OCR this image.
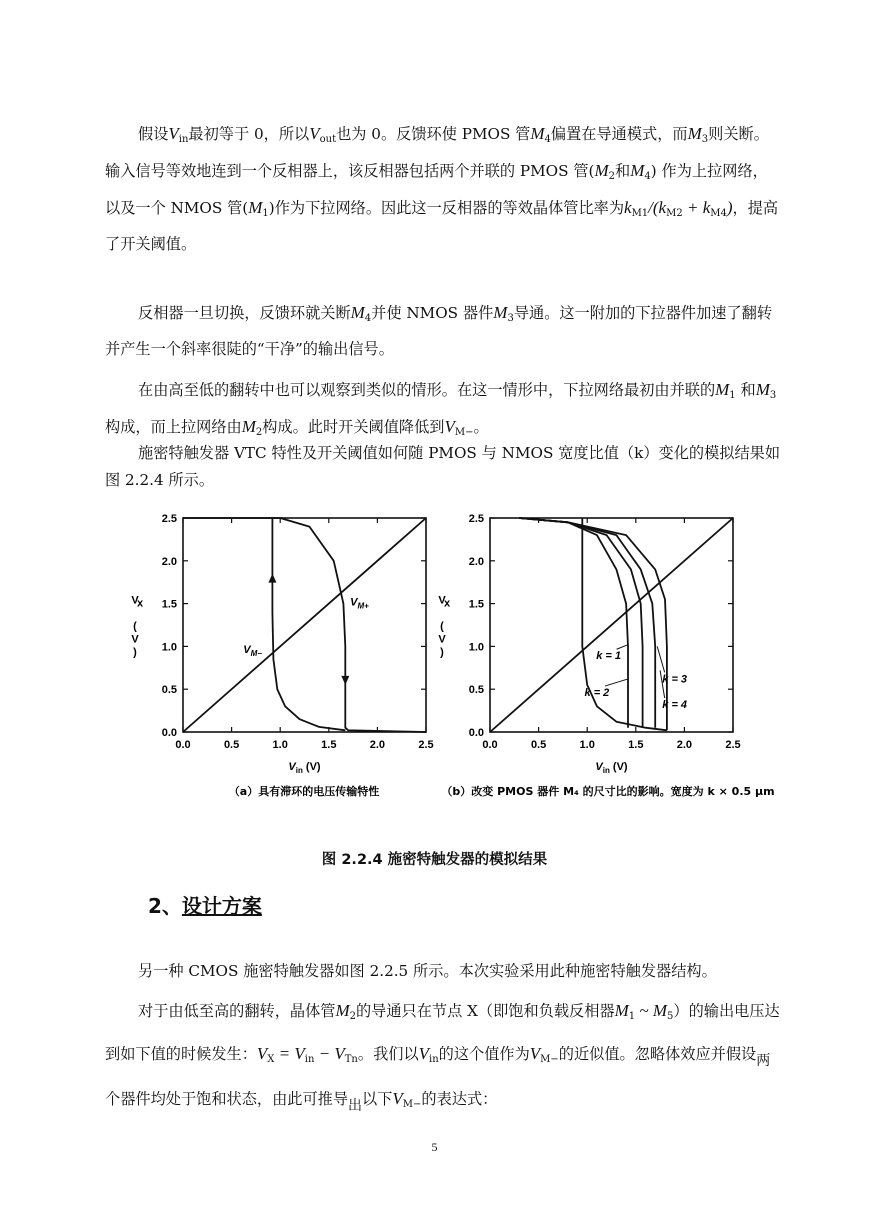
假设$V_{in}$最初等于 0，所以$V_{out}$也为 0。反馈环使 PMOS 管$M_4$偏置在导通模式，而$M_3$则关断。 输入信号等效地连到一个反相器上，该反相器包括两个并联的 PMOS 管($M_2$和$M_4$) 作为上拉网络， 以及一个 NMOS 管$(M_1)$作为下拉网络。因此这一反相器的等效晶体管比率为$k_{M1}/(k_{M2} + k_{M4})$，提高了开关阈值。
反相器一旦切换，反馈环就关断$M_4$并使 NMOS 器件$M_3$导通。这一附加的下拉器件加速了翻转并产生一个斜率很陡的“干净”的输出信号。
在由高至低的翻转中也可以观察到类似的情形。在这一情形中，下拉网络最初由并联的$M_1$ 和$M_3$构成，而上拉网络由$M_2$构成。此时开关阈值降低到$V_{M-}$。
施密特触发器 VTC 特性及开关阈值如何随 PMOS 与 NMOS 宽度比值（k）变化的模拟结果如图 2.2.4 所示。
0.0	0.5	1.0	1.5	2.0	2.5
0.0
0.5
1.0
1.5
2.0
2.5
$V_{in}$ (V)
V
x
(
V
)
$V_{M+}$
$V_{M-}$
（a）具有滞环的电压传输特性
0.0	0.5	1.0	1.5	2.0	2.5
0.0
0.5
1.0
1.5
2.0
2.5
$V_{in}$ (V)
V
x
(
V
)	k = 1
k = 2
k = 3
k = 4
（b）改变 PMOS 器件 M₄ 的尺寸比的影响。宽度为 k × 0.5 μm
图 2.2.4 施密特触发器的模拟结果
2、设计方案
另一种 CMOS 施密特触发器如图 2.2.5 所示。本次实验采用此种施密特触发器结构。
对于由低至高的翻转，晶体管$M_2$的导通只在节点 X（即饱和负载反相器$M_1$ ~ $M_5$）的输出电压达到如下值的时候发生：$V_X = V_{in} - V_{Tn}$。我们以$V_{in}$的这个值作为$V_{M-}$的近似值。忽略体效应并假设$_两$个器件均处于饱和状态，由此可推导$_出$以下$V_{M-}$的表达式：
5
